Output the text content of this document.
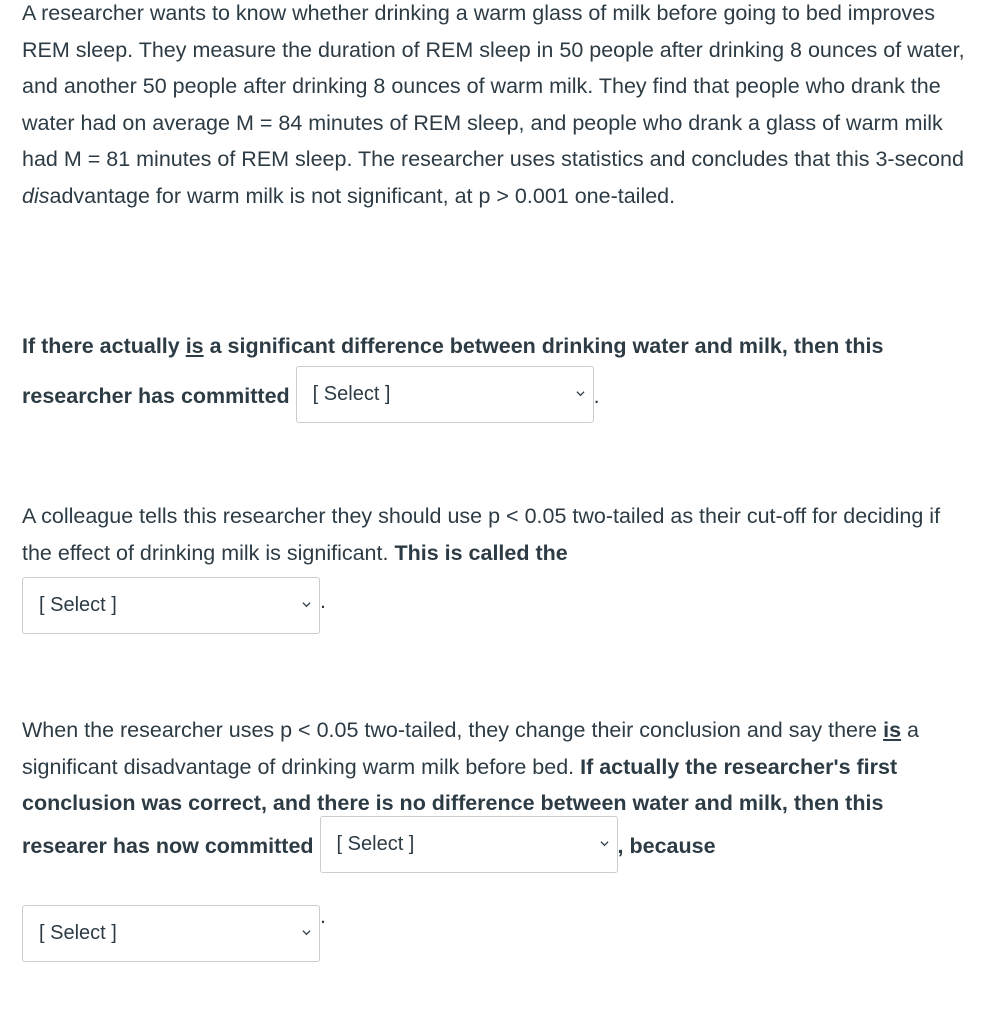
A researcher wants to know whether drinking a warm glass of milk before going to bed improves REM sleep. They measure the duration of REM sleep in 50 people after drinking 8 ounces of water, and another 50 people after drinking 8 ounces of warm milk. They find that people who drank the water had on average M = 84 minutes of REM sleep, and people who drank a glass of warm milk had M = 81 minutes of REM sleep. The researcher uses statistics and concludes that this 3-second disadvantage for warm milk is not significant, at p > 0.001 one-tailed.

If there actually is a significant difference between drinking water and milk, then this researcher has committed [ Select ]	.

A colleague tells this researcher they should use p < 0.05 two-tailed as their cut-off for deciding if the effect of drinking milk is significant. This is called the

[ Select ]	.

When the researcher uses p < 0.05 two-tailed, they change their conclusion and say there is a significant disadvantage of drinking warm milk before bed. If actually the researcher's first conclusion was correct, and there is no difference between water and milk, then this researer has now committed [ Select ]	, because

[ Select ]
.
